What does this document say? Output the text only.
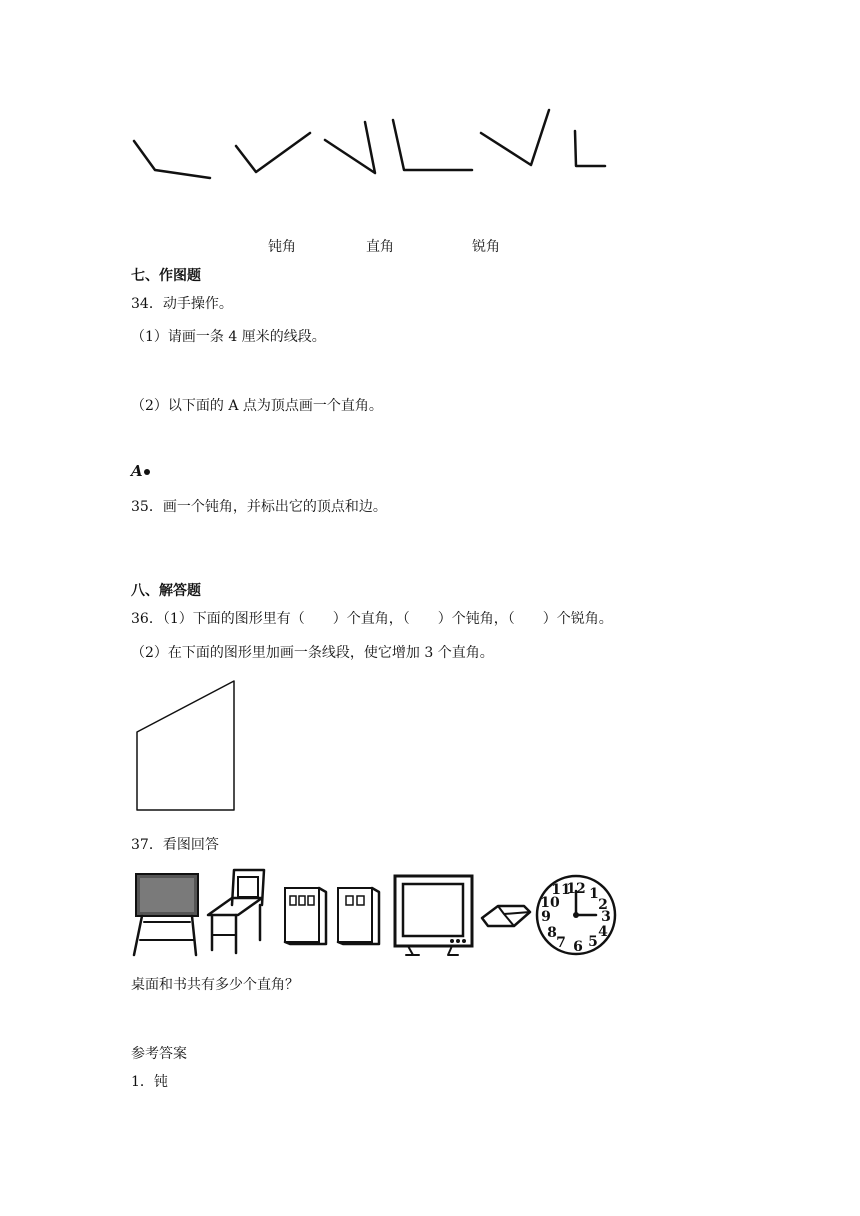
钝角	直角	锐角
七、作图题
34．动手操作。
（1）请画一条 4 厘米的线段。
（2）以下面的 A 点为顶点画一个直角。
A
35．画一个钝角，并标出它的顶点和边。
八、解答题
36．（1）下面的图形里有（　　）个直角，（　　）个钝角，（　　）个锐角。
（2）在下面的图形里加画一条线段，使它增加 3 个直角。
37．看图回答
12 1
2
3
4
5
6
7
8
9
10
11
桌面和书共有多少个直角？
参考答案
1．钝
